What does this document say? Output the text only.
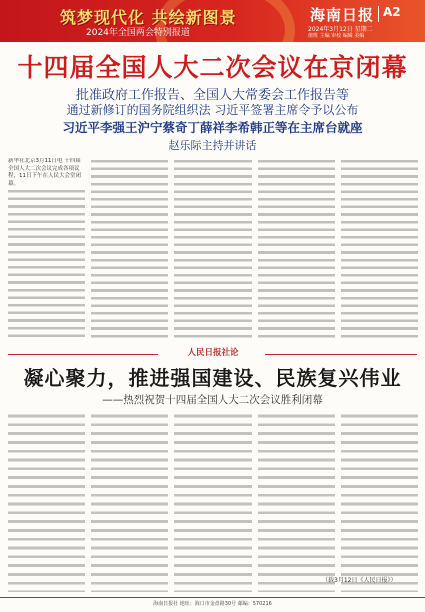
筑梦现代化 共绘新图景
2024年全国两会特别报道
海南日报 A2
2024年3月12日 星期二
值班 主编 审校 编辑 美编
十四届全国人大二次会议在京闭幕
批准政府工作报告、全国人大常委会工作报告等
通过新修订的国务院组织法 习近平签署主席令予以公布
习近平李强王沪宁蔡奇丁薛祥李希韩正等在主席台就座
赵乐际主持并讲话

新华社北京3月11日电 十四届全国人大二次会议完成各项议程，11日下午在人民大会堂闭幕。

人民日报社论
凝心聚力，推进强国建设、民族复兴伟业
——热烈祝贺十四届全国人大二次会议胜利闭幕
（载3月12日《人民日报》）
海南日报社 地址：海口市金盘路30号 邮编：570216
